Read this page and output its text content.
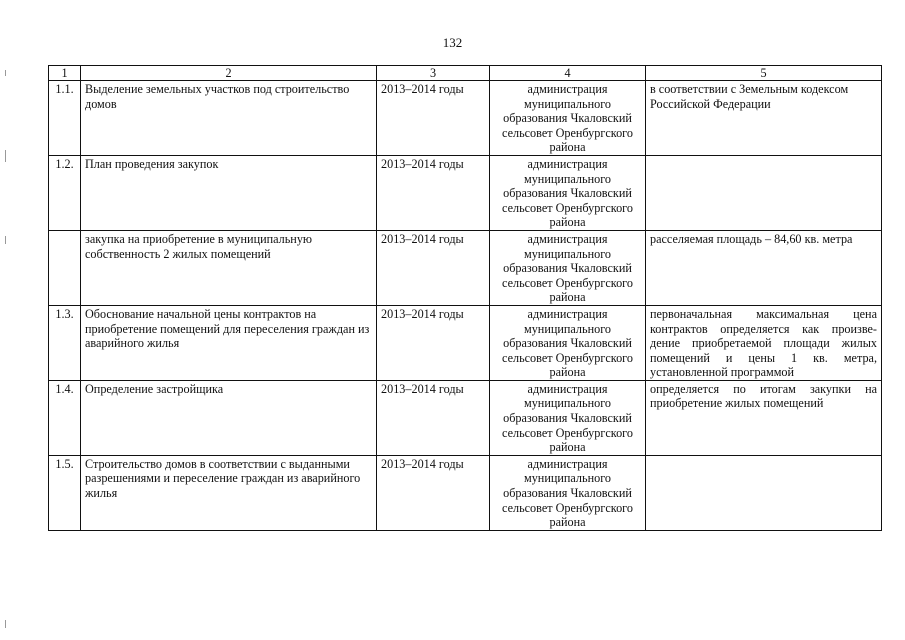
132
1	2	3	4	5
1.1.	Выделение земельных участков под строительство домов	2013–2014 годы	администрация муниципального образования Чкаловский сельсовет Оренбургского района	в соответствии с Земельным кодексом Российской Федерации
1.2.	План проведения закупок	2013–2014 годы	администрация муниципального образования Чкаловский сельсовет Оренбургского района	
	закупка на приобретение в муниципальную собственность 2 жилых помещений	2013–2014 годы	администрация муниципального образования Чкаловский сельсовет Оренбургского района	расселяемая площадь – 84,60 кв. метра
1.3.	Обоснование начальной цены контрактов на приобретение помещений для переселения граждан из аварийного жилья	2013–2014 годы	администрация муниципального образования Чкаловский сельсовет Оренбургского района	первоначальная максимальная цена контрактов определяется как произве-дение приобретаемой площади жилых помещений и цены 1 кв. метра, установленной программой
1.4.	Определение застройщика	2013–2014 годы	администрация муниципального образования Чкаловский сельсовет Оренбургского района	определяется по итогам закупки на приобретение жилых помещений
1.5.	Строительство домов в соответствии с выданными разрешениями и переселение граждан из аварийного жилья	2013–2014 годы	администрация муниципального образования Чкаловский сельсовет Оренбургского района	
